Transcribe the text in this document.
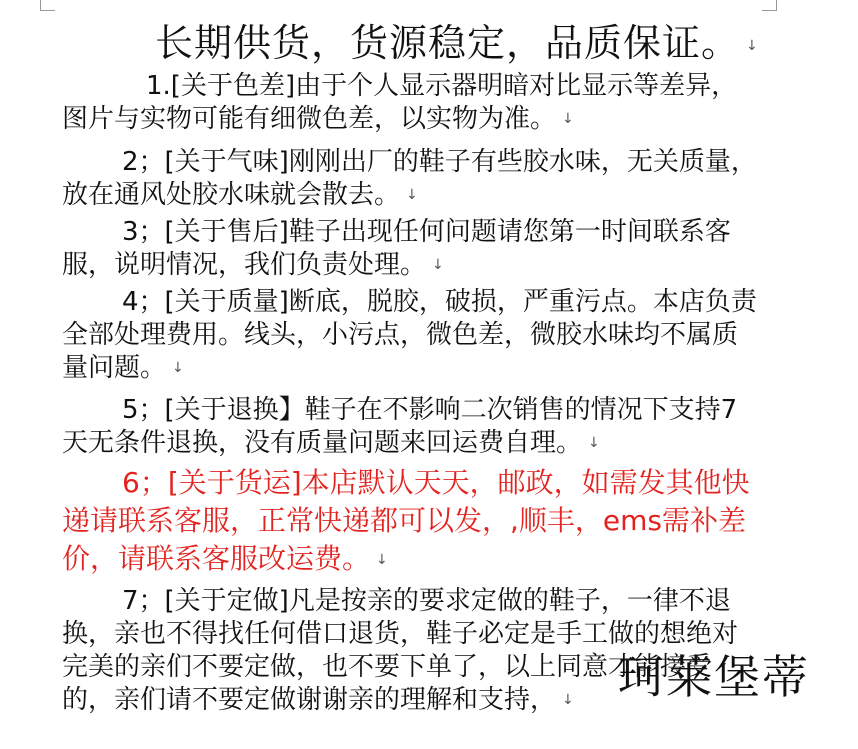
长期供货，货源稳定，品质保证。 ↓
1.[关于色差]由于个人显示器明暗对比显示等差异，图片与实物可能有细微色差，以实物为准。 ↓
2；[关于气味]刚刚出厂的鞋子有些胶水味，无关质量，放在通风处胶水味就会散去。 ↓
3；[关于售后]鞋子出现任何问题请您第一时间联系客服，说明情况，我们负责处理。 ↓
4；[关于质量]断底，脱胶，破损，严重污点。本店负责全部处理费用。线头，小污点，微色差，微胶水味均不属质量问题。 ↓
5；[关于退换】鞋子在不影响二次销售的情况下支持7天无条件退换，没有质量问题来回运费自理。 ↓
6；[关于货运]本店默认天天，邮政，如需发其他快递请联系客服，正常快递都可以发，,顺丰，ems需补差价，请联系客服改运费。 ↓
7；[关于定做]凡是按亲的要求定做的鞋子，一律不退换，亲也不得找任何借口退货，鞋子必定是手工做的想绝对完美的亲们不要定做，也不要下单了，以上同意才能接受的，亲们请不要定做谢谢亲的理解和支持， ↓ 珂莱堡蒂
